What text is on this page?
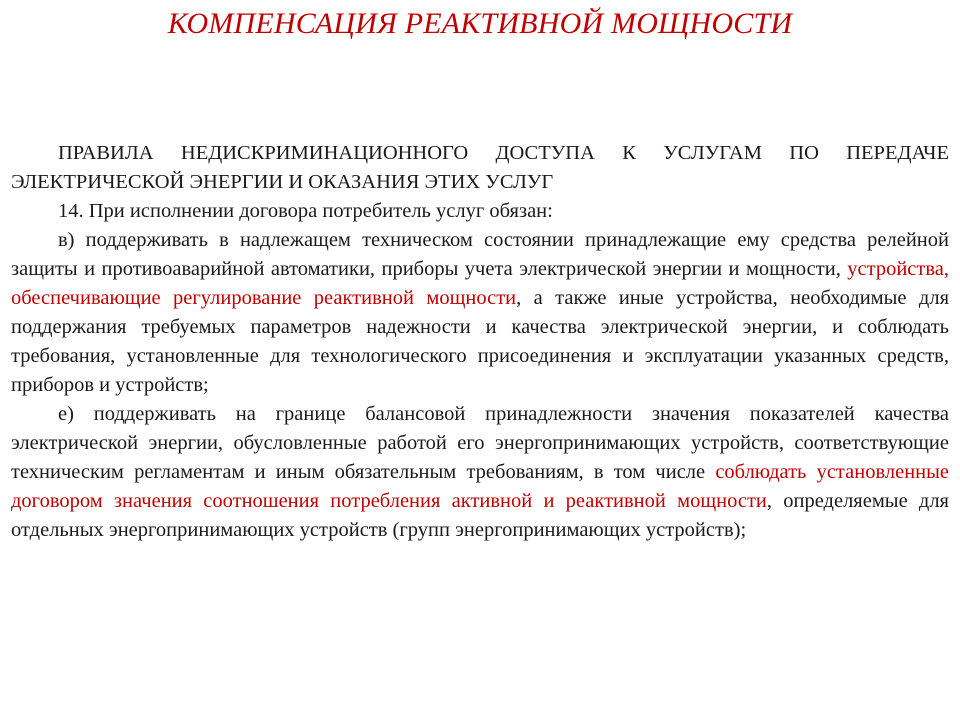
КОМПЕНСАЦИЯ РЕАКТИВНОЙ МОЩНОСТИ

ПРАВИЛА НЕДИСКРИМИНАЦИОННОГО ДОСТУПА К УСЛУГАМ ПО ПЕРЕДАЧЕ ЭЛЕКТРИЧЕСКОЙ ЭНЕРГИИ И ОКАЗАНИЯ ЭТИХ УСЛУГ

14. При исполнении договора потребитель услуг обязан:

в) поддерживать в надлежащем техническом состоянии принадлежащие ему средства релейной защиты и противоаварийной автоматики, приборы учета электрической энергии и мощности, устройства, обеспечивающие регулирование реактивной мощности, а также иные устройства, необходимые для поддержания требуемых параметров надежности и качества электрической энергии, и соблюдать требования, установленные для технологического присоединения и эксплуатации указанных средств, приборов и устройств;

е) поддерживать на границе балансовой принадлежности значения показателей качества электрической энергии, обусловленные работой его энергопринимающих устройств, соответствующие техническим регламентам и иным обязательным требованиям, в том числе соблюдать установленные договором значения соотношения потребления активной и реактивной мощности, определяемые для отдельных энергопринимающих устройств (групп энергопринимающих устройств);
